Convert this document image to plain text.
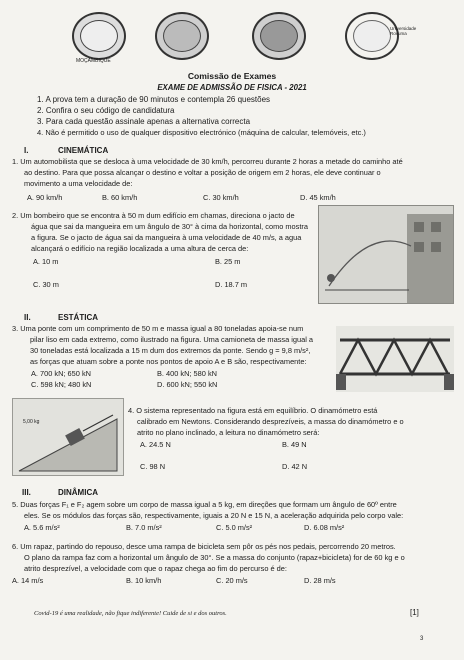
MOÇAMBIQUE
Universidade Rovuma
Comissão de Exames
EXAME DE ADMISSÃO DE FISICA - 2021
1. A prova tem a duração de 90 minutos e contempla 26 questões
2. Confira o seu código de candidatura
3. Para cada questão assinale apenas a alternativa correcta
4. Não é permitido o uso de qualquer dispositivo electrónico (máquina de calcular, telemóveis, etc.)
I.	CINEMÁTICA
1. Um automobilista que se desloca à uma velocidade de 30 km/h, percorreu durante 2 horas a metade do caminho até
ao destino. Para que possa alcançar o destino e voltar a posição de origem em 2 horas, ele deve continuar o
movimento a uma velocidade de:
A. 90 km/h	B. 60 km/h	C. 30 km/h	D. 45 km/h
2. Um bombeiro que se encontra à 50 m dum edifício em chamas, direciona o jacto de
água que sai da mangueira em um ângulo de 30° à cima da horizontal, como mostra
a figura. Se o jacto de água sai da mangueira à uma velocidade de 40 m/s, a agua
alcançará o edifício na região localizada a uma altura de cerca de:
A. 10 m	B. 25 m
C. 30 m	D. 18.7 m
II.	ESTÁTICA
3. Uma ponte com um comprimento de 50 m e massa igual a 80 toneladas apoia-se num
pilar liso em cada extremo, como ilustrado na figura. Uma camioneta de massa igual a
30 toneladas está localizada a 15 m dum dos extremos da ponte. Sendo g = 9,8 m/s²,
as forças que atuam sobre a ponte nos pontos de apoio A e B são, respectivamente:
A. 700 kN; 650 kN	B. 400 kN; 580 kN
C. 598 kN; 480 kN	D. 600 kN; 550 kN
5,00 kg
4. O sistema representado na figura está em equilíbrio. O dinamómetro está
calibrado em Newtons. Considerando desprezíveis, a massa do dinamómetro e o
atrito no plano inclinado, a leitura no dinamómetro será:
A. 24.5 N	B. 49 N
C. 98 N	D. 42 N
III.	DINÂMICA
5. Duas forças F₁ e F₂ agem sobre um corpo de massa igual a 5 kg, em direções que formam um ângulo de 60º entre
eles. Se os módulos das forças são, respectivamente, iguais a 20 N e 15 N, a aceleração adquirida pelo corpo vale:
A. 5.6 m/s²	B. 7.0 m/s²	C. 5.0 m/s²	D. 6.08 m/s²
6. Um rapaz, partindo do repouso, desce uma rampa de bicicleta sem pôr os pés nos pedais, percorrendo 20 metros.
O plano da rampa faz com a horizontal um ângulo de 30°. Se a massa do conjunto (rapaz+bicicleta) for de 60 kg e o
atrito desprezível, a velocidade com que o rapaz chega ao fim do percurso é de:
A. 14 m/s	B. 10 km/h	C. 20 m/s	D. 28 m/s
Covid-19 é uma realidade, não fique indiferente! Cuide de si e dos outros.	[1]
3
